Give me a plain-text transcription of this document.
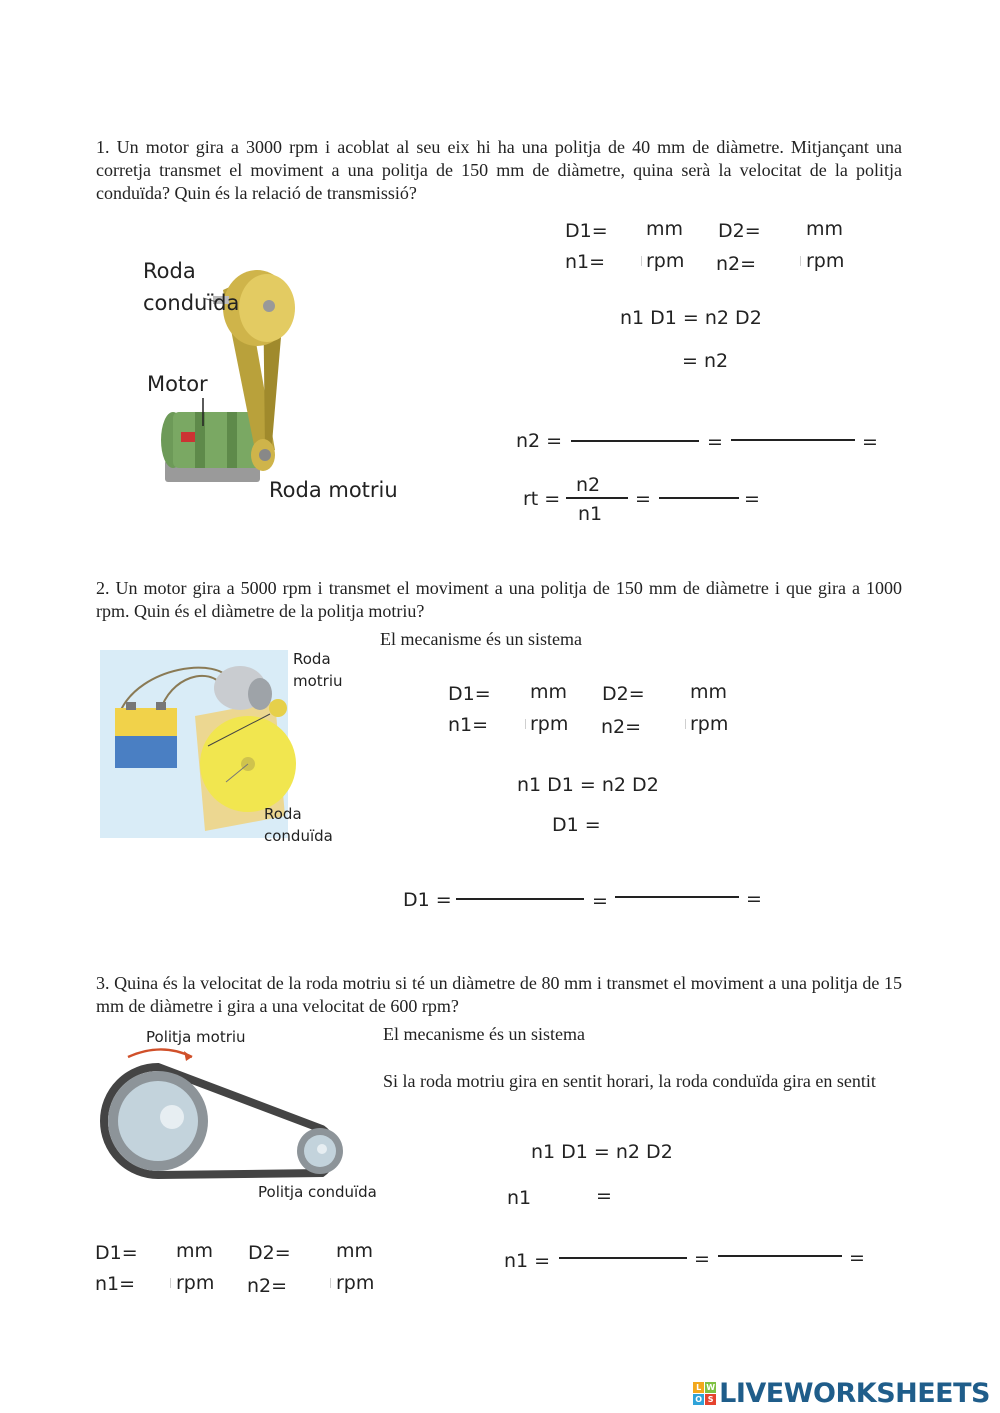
1. Un motor gira a 3000 rpm i acoblat al seu eix hi ha una politja de 40 mm de diàmetre. Mitjançant una corretja transmet el moviment a una politja de 150 mm de diàmetre, quina serà la velocitat de la politja conduïda? Quin és la relació de transmissió?

Roda
conduïda
Motor
Roda motriu
D1= mm D2= mm
n1= rpm n2=	rpm
n1 D1 = n2 D2
= n2
n2 =	=	=
rt =
n2
n1
=	=

2. Un motor gira a 5000 rpm i transmet el moviment a una politja de 150 mm de diàmetre i que gira a 1000 rpm. Quin és el diàmetre de la politja motriu?

Roda
motriu
Roda
conduïda
El mecanisme és un sistema
D1= mm D2= mm
n1= rpm n2=	rpm
n1 D1 = n2 D2
D1 =
D1 =	=	=

3. Quina és la velocitat de la roda motriu si té un diàmetre de 80 mm i transmet el moviment a una politja de 15 mm de diàmetre i gira a una velocitat de 600 rpm?

Politja motriu
Politja conduïda
El mecanisme és un sistema
Si la roda motriu gira en sentit horari, la roda conduïda gira en sentit
n1 D1 = n2 D2
n1	=
n1 =	=	=
D1= mm D2= mm
n1= rpm n2=	rpm
L W
O S LIVEWORKSHEETS
